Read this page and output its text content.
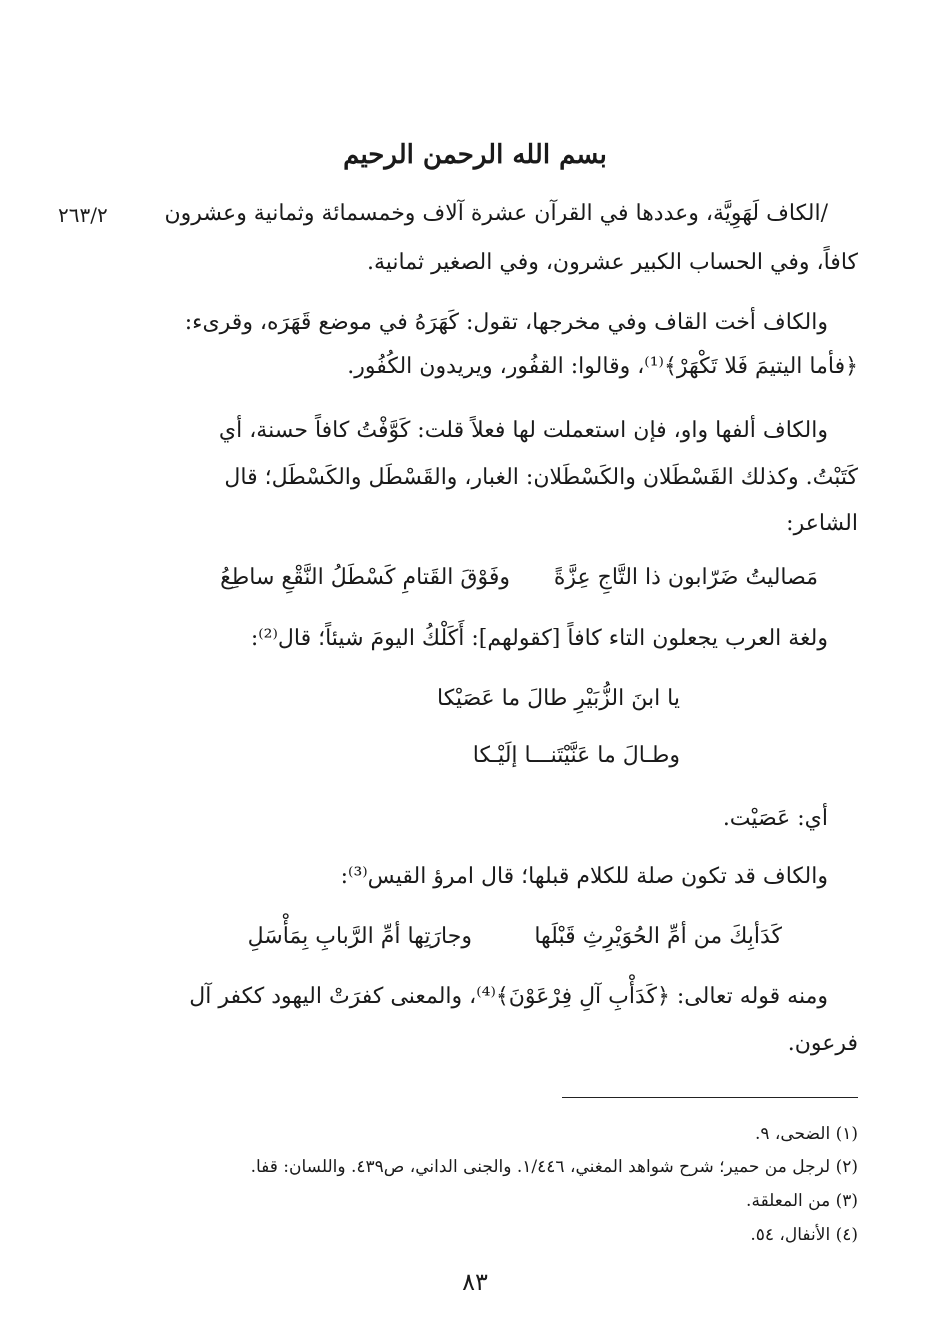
بسم الله الرحمن الرحيم
٢٦٣/٢	/الكاف لَهَوِيَّة، وعددها في القرآن عشرة آلاف وخمسمائة وثمانية وعشرون
كافاً، وفي الحساب الكبير عشرون، وفي الصغير ثمانية.
والكاف أخت القاف وفي مخرجها، تقول: كَهَرَهُ في موضع قَهَرَه، وقرىء:
﴿فأما اليتيمَ فَلا تَكْهَرْ﴾⁽¹⁾، وقالوا: القفُور، ويريدون الكُفُور.
والكاف ألفها واو، فإن استعملت لها فعلاً قلت: كَوَّفْتُ كافاً حسنة، أي
كَتَبْتُ. وكذلك القَسْطَلان والكَسْطَلان: الغبار، والقَسْطَل والكَسْطَل؛ قال
الشاعر:
مَصاليتُ ضَرّابون ذا التَّاجِ عِزَّةً
وفَوْقَ القَتامِ كَسْطَلُ النَّقْعِ ساطِعُ
ولغة العرب يجعلون التاء كافاً [كقولهم]: أَكَلْكُ اليومَ شيئاً؛ قال⁽²⁾:
يا ابنَ الزُّبَيْرِ طالَ ما عَصَيْكا
وطـالَ ما عَنَّيْتَنـــا إلَيْـكا
أي: عَصَيْت.
والكاف قد تكون صلة للكلام قبلها؛ قال امرؤ القيس⁽³⁾:
كَدَأبِكَ من أمِّ الحُوَيْرِثِ قَبْلَها
وجارَتِها أمِّ الرَّبابِ بِمَأْسَلِ
ومنه قوله تعالى: ﴿كَدَأْبِ آلِ فِرْعَوْنَ﴾⁽⁴⁾، والمعنى كفرَتْ اليهود ككفر آل
فرعون.
(١) الضحى، ٩.
(٢) لرجل من حمير؛ شرح شواهد المغني، ١/٤٤٦. والجنى الداني، ص٤٣٩. واللسان: قفا.
(٣) من المعلقة.
(٤) الأنفال، ٥٤.
٨٣
